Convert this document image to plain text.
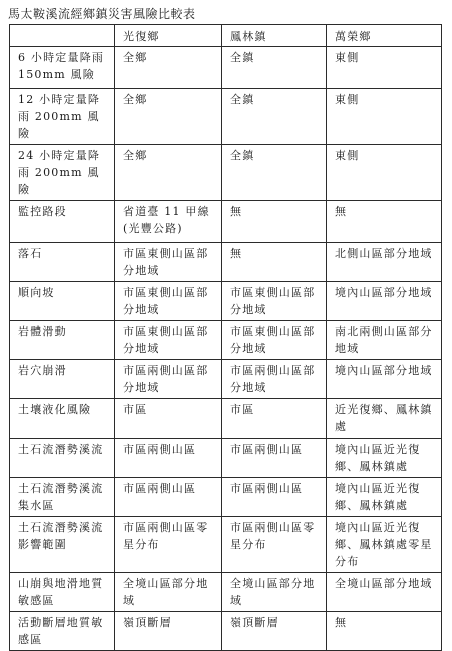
馬太鞍溪流經鄉鎮災害風險比較表
	光復鄉	鳳林鎮	萬榮鄉
6 小時定量降雨 150mm 風險	全鄉	全鎮	東側
12 小時定量降雨 200mm 風險	全鄉	全鎮	東側
24 小時定量降雨 200mm 風險	全鄉	全鎮	東側
監控路段	省道臺 11 甲線 (光豐公路)	無	無
落石	市區東側山區部分地域	無	北側山區部分地域
順向坡	市區東側山區部分地域	市區東側山區部分地域	境內山區部分地域
岩體滑動	市區東側山區部分地域	市區東側山區部分地域	南北兩側山區部分地域
岩穴崩滑	市區兩側山區部分地域	市區兩側山區部分地域	境內山區部分地域
土壤液化風險	市區	市區	近光復鄉、鳳林鎮處
土石流潛勢溪流	市區兩側山區	市區兩側山區	境內山區近光復鄉、鳳林鎮處
土石流潛勢溪流集水區	市區兩側山區	市區兩側山區	境內山區近光復鄉、鳳林鎮處
土石流潛勢溪流影響範圍	市區兩側山區零星分布	市區兩側山區零星分布	境內山區近光復鄉、鳳林鎮處零星分布
山崩與地滑地質敏感區	全境山區部分地域	全境山區部分地域	全境山區部分地域
活動斷層地質敏感區	嶺頂斷層	嶺頂斷層	無
